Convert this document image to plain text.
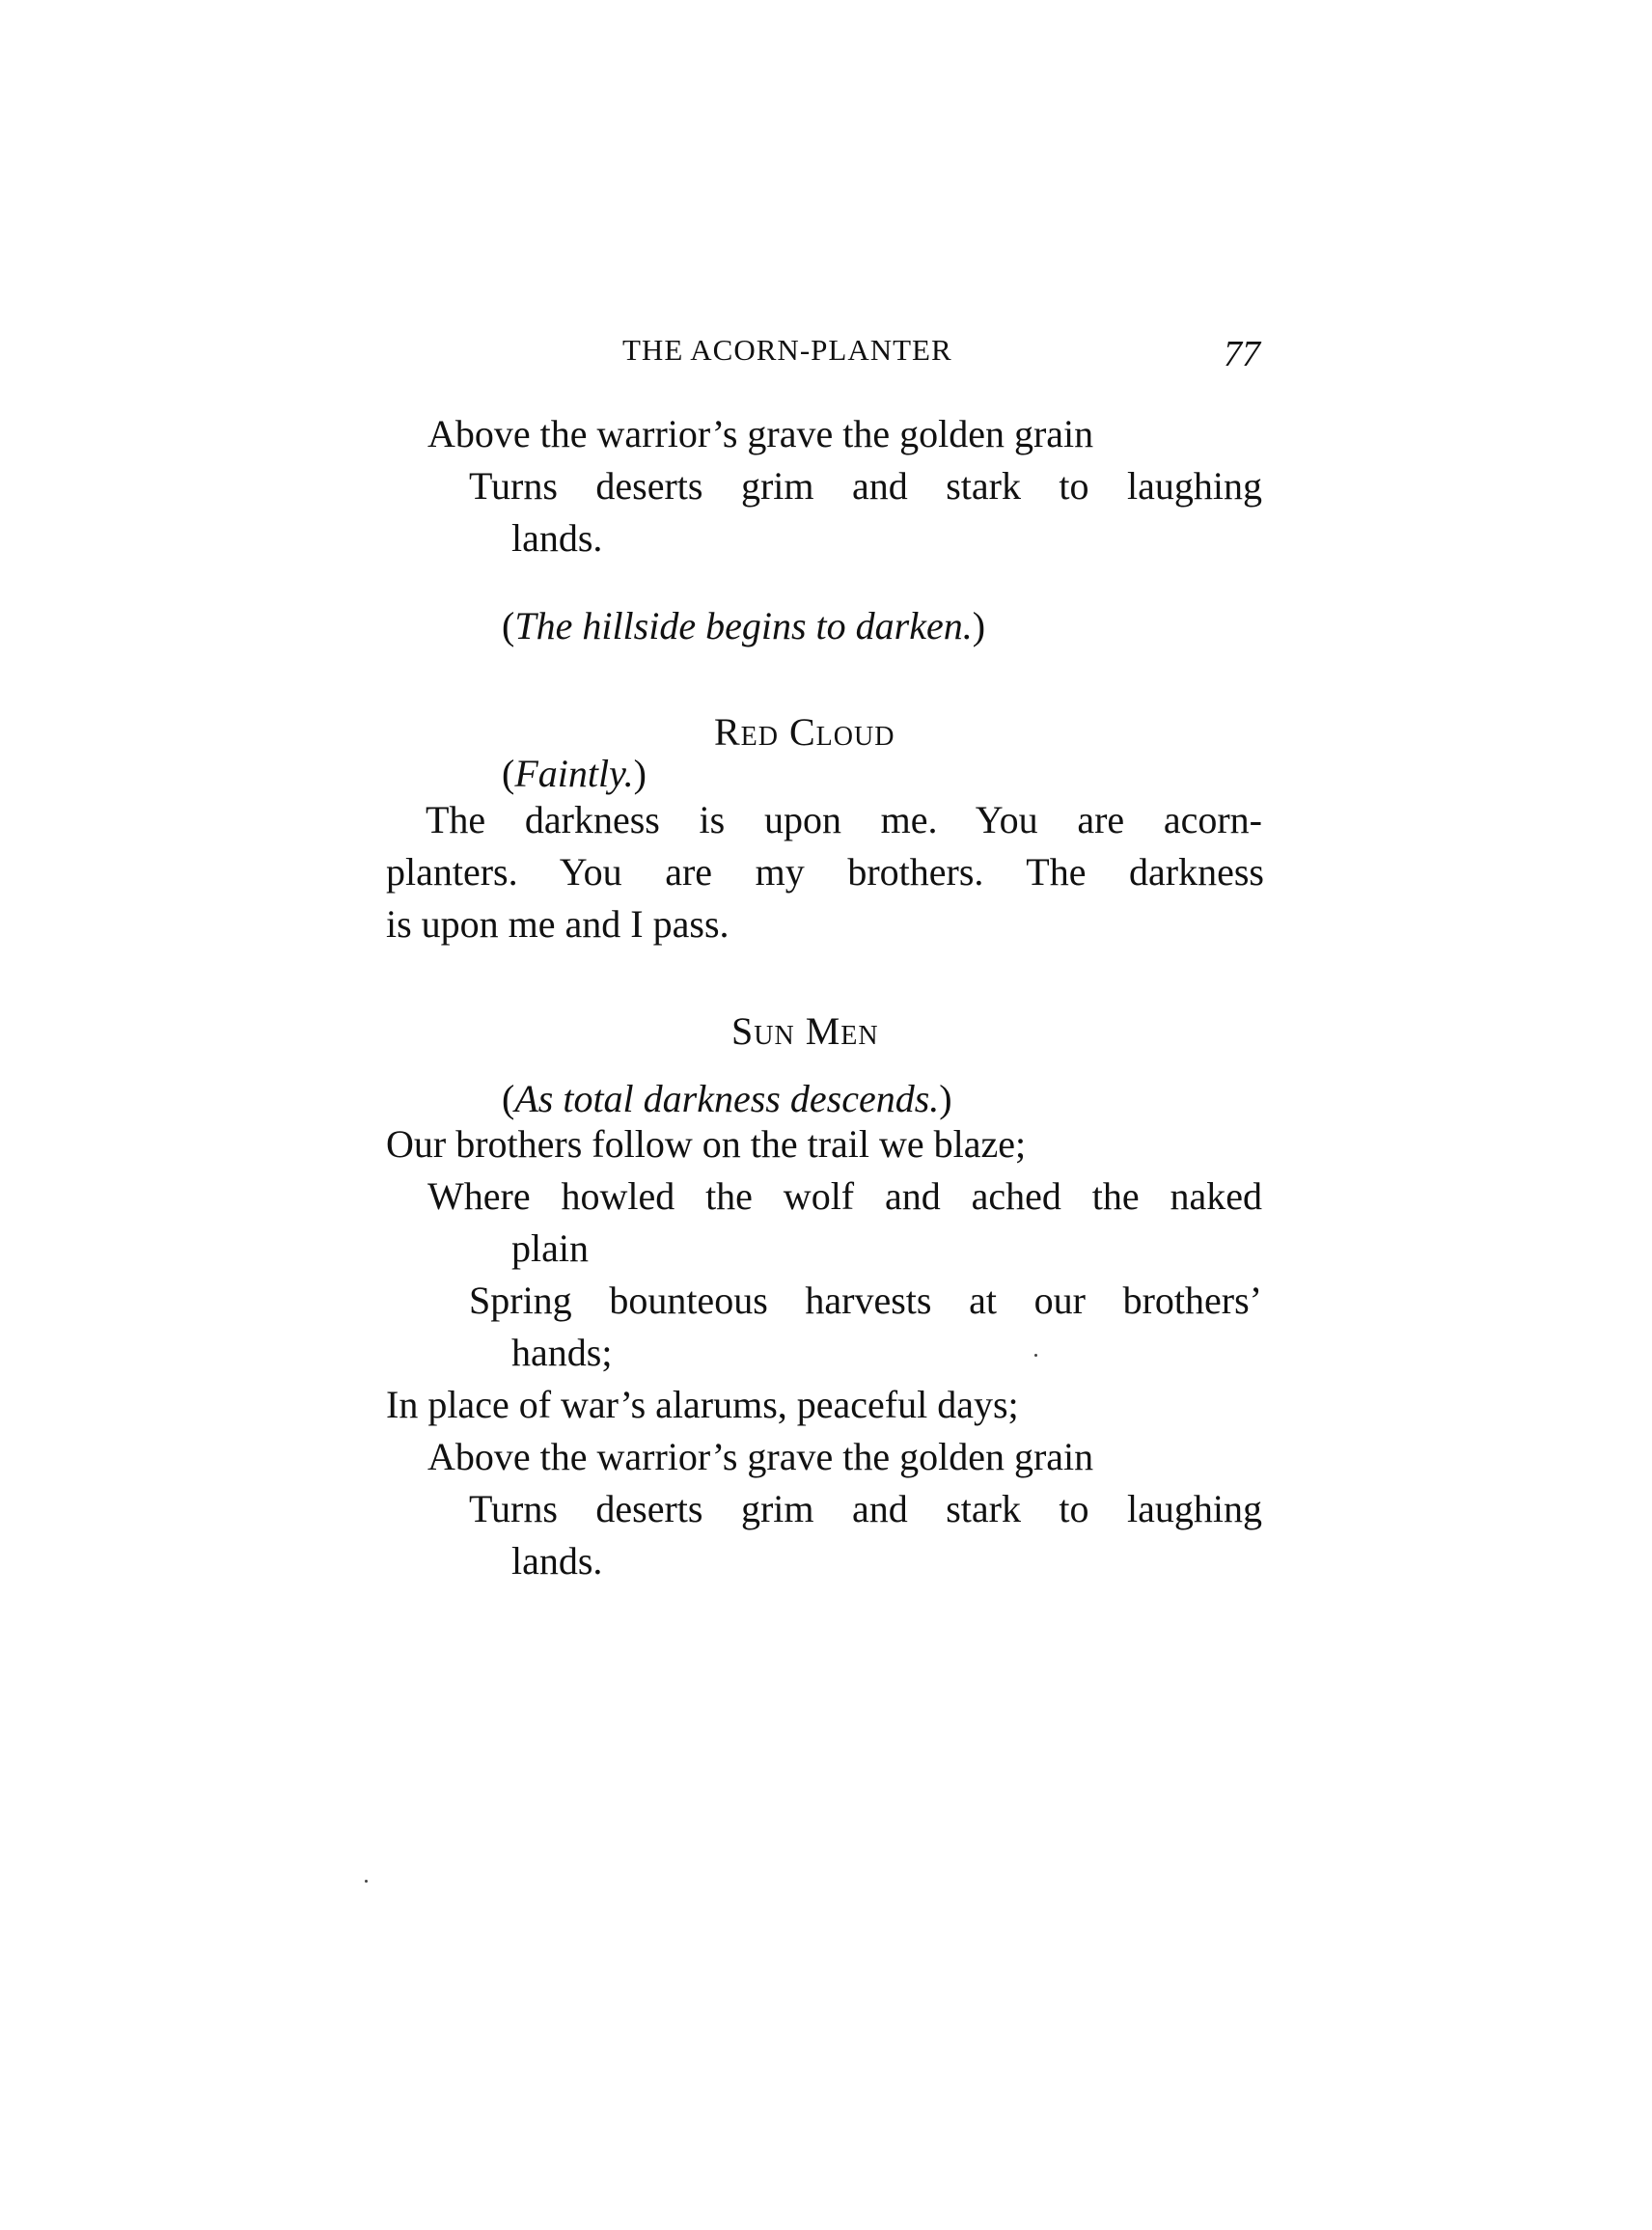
THE ACORN-PLANTER	77
Above the warrior’s grave the golden grain
Turns deserts grim and stark to laughing
lands.
(The hillside begins to darken.)
Red Cloud
(Faintly.)
The darkness is upon me. You are acorn-
planters. You are my brothers. The darkness
is upon me and I pass.
Sun Men
(As total darkness descends.)
Our brothers follow on the trail we blaze;
Where howled the wolf and ached the naked
plain
Spring bounteous harvests at our brothers’
hands;
In place of war’s alarums, peaceful days;
Above the warrior’s grave the golden grain
Turns deserts grim and stark to laughing
lands.
